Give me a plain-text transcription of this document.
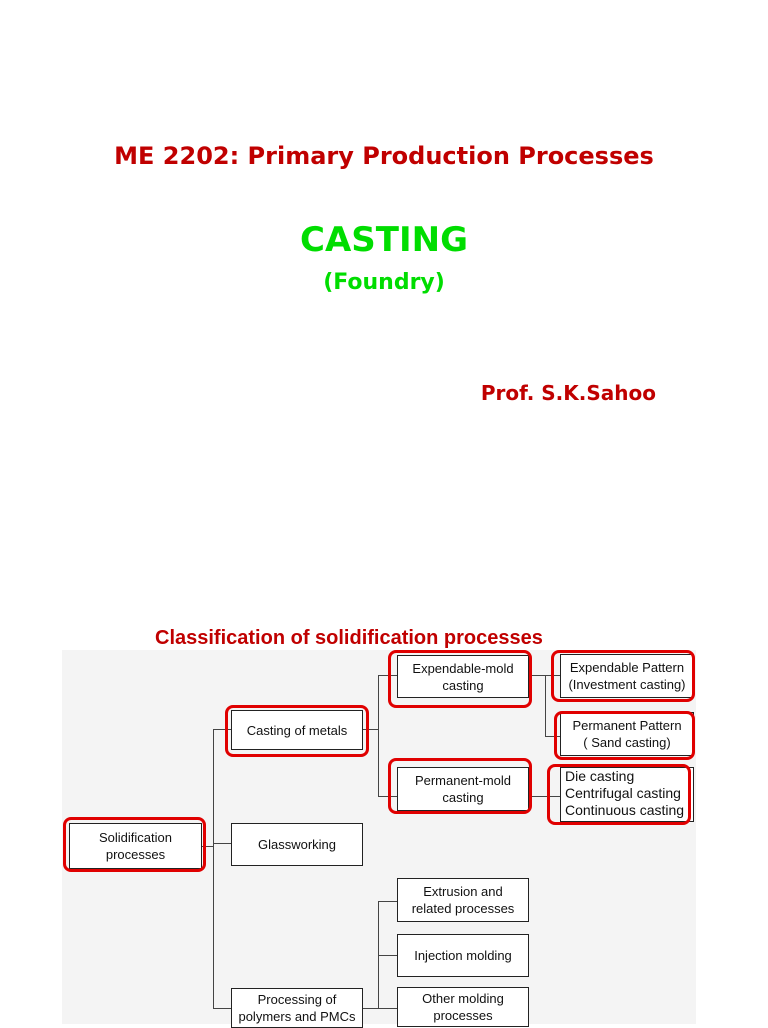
ME 2202: Primary Production Processes
CASTING
(Foundry)
Prof. S.K.Sahoo
Classification of solidification processes
Solidification
processes
Casting of metals
Glassworking
Processing of
polymers and PMCs
Expendable-mold
casting
Permanent-mold
casting
Expendable Pattern
(Investment casting)
Permanent Pattern
( Sand casting)
Die casting
Centrifugal casting
Continuous casting
Extrusion and
related processes
Injection molding
Other molding
processes
